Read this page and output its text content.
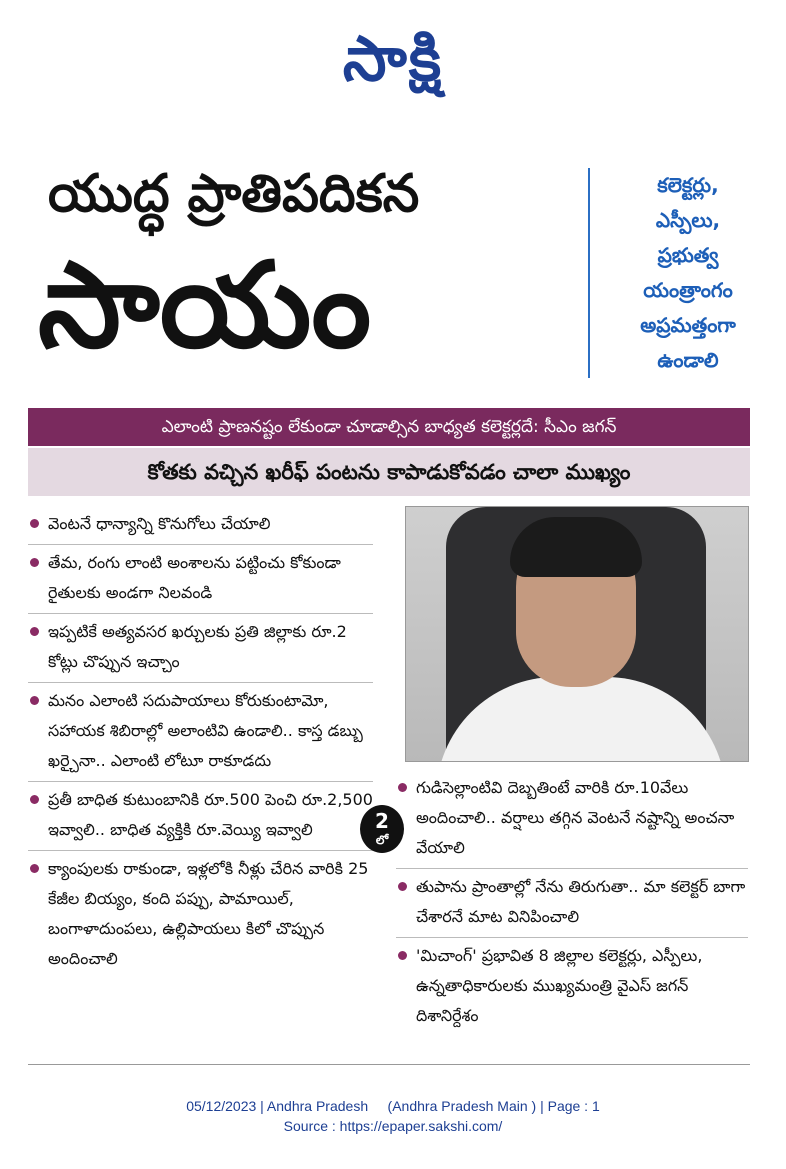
సాక్షి
యుద్ధ ప్రాతిపదికన
సాయం
కలెక్టర్లు,
ఎస్పీలు,
ప్రభుత్వ
యంత్రాంగం
అప్రమత్తంగా
ఉండాలి
ఎలాంటి ప్రాణనష్టం లేకుండా చూడాల్సిన బాధ్యత కలెక్టర్లదే: సీఎం జగన్
కోతకు వచ్చిన ఖరీఫ్ పంటను కాపాడుకోవడం చాలా ముఖ్యం
వెంటనే ధాన్యాన్ని కొనుగోలు చేయాలి
తేమ, రంగు లాంటి అంశాలను పట్టించు కోకుండా రైతులకు అండగా నిలవండి
ఇప్పటికే అత్యవసర ఖర్చులకు ప్రతి జిల్లాకు రూ.2 కోట్లు చొప్పున ఇచ్చాం
మనం ఎలాంటి సదుపాయాలు కోరుకుంటామో, సహాయక శిబిరాల్లో అలాంటివి ఉండాలి.. కాస్త డబ్బు ఖర్చైనా.. ఎలాంటి లోటూ రాకూడదు
ప్రతీ బాధిత కుటుంబానికి రూ.500 పెంచి రూ.2,500 ఇవ్వాలి.. బాధిత వ్యక్తికి రూ.వెయ్యి ఇవ్వాలి
క్యాంపులకు రాకుండా, ఇళ్లలోకి నీళ్లు చేరిన వారికి 25 కేజీల బియ్యం, కంది పప్పు, పామాయిల్, బంగాళాదుంపలు, ఉల్లిపాయలు కిలో చొప్పున అందించాలి
2
లో
గుడిసెల్లాంటివి దెబ్బతింటే వారికి రూ.10వేలు అందించాలి.. వర్షాలు తగ్గిన వెంటనే నష్టాన్ని అంచనా వేయాలి
తుపాను ప్రాంతాల్లో నేను తిరుగుతా.. మా కలెక్టర్ బాగా చేశారనే మాట వినిపించాలి
'మిచాంగ్' ప్రభావిత 8 జిల్లాల కలెక్టర్లు, ఎస్పీలు, ఉన్నతాధికారులకు ముఖ్యమంత్రి వైఎస్ జగన్ దిశానిర్దేశం
05/12/2023 | Andhra Pradesh     (Andhra Pradesh Main ) | Page : 1
Source : https://epaper.sakshi.com/
